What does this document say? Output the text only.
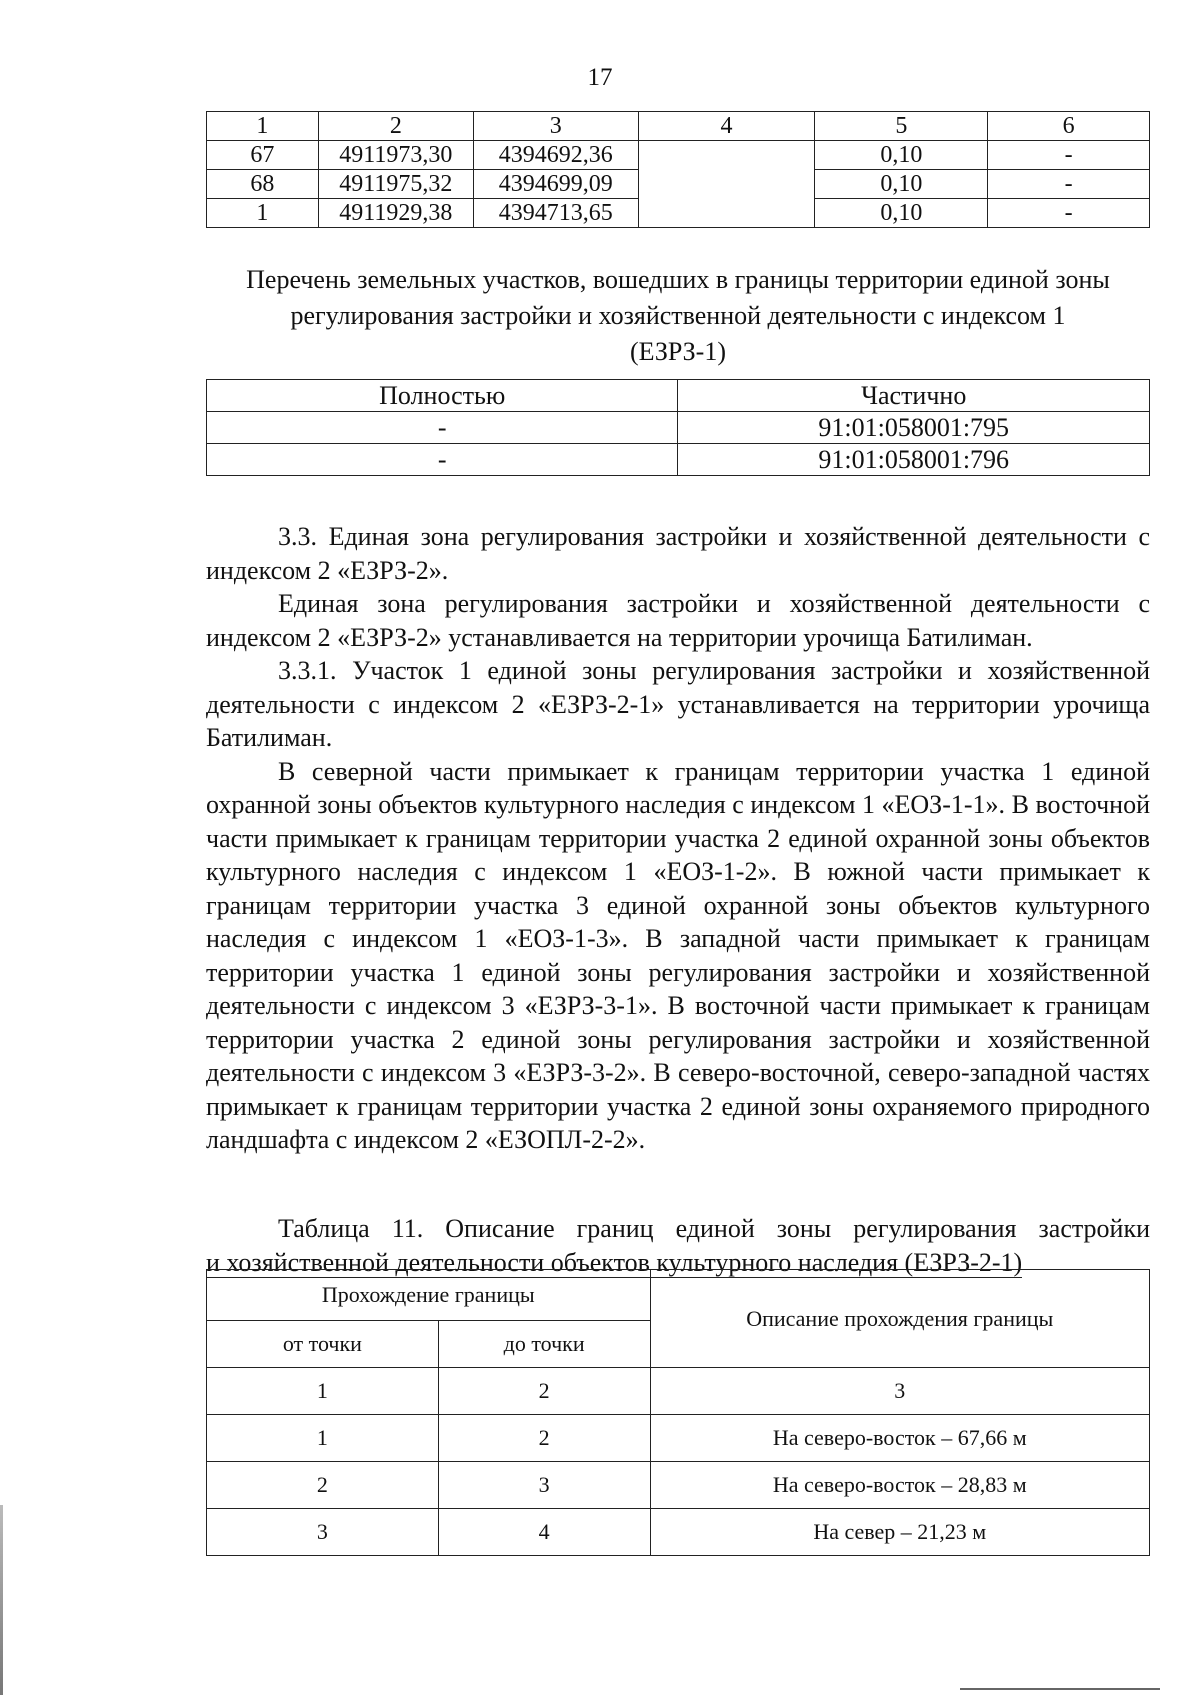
17
1	2	3	4	5	6
67	4911973,30	4394692,36		0,10	-
68	4911975,32	4394699,09		0,10	-
1	4911929,38	4394713,65		0,10	-
Перечень земельных участков, вошедших в границы территории единой зоны
регулирования застройки и хозяйственной деятельности с индексом 1
(ЕЗРЗ-1)
Полностью	Частично
-	91:01:058001:795
-	91:01:058001:796

3.3. Единая зона регулирования застройки и хозяйственной деятельности с индексом 2 «ЕЗРЗ-2».

Единая зона регулирования застройки и хозяйственной деятельности с индексом 2 «ЕЗРЗ-2» устанавливается на территории урочища Батилиман.

3.3.1. Участок 1 единой зоны регулирования застройки и хозяйственной деятельности с индексом 2 «ЕЗРЗ-2-1» устанавливается на территории урочища Батилиман.

В северной части примыкает к границам территории участка 1 единой охранной зоны объектов культурного наследия с индексом 1 «ЕОЗ-1-1». В восточной части примыкает к границам территории участка 2 единой охранной зоны объектов культурного наследия с индексом 1 «ЕОЗ-1-2». В южной части примыкает к границам территории участка 3 единой охранной зоны объектов культурного наследия с индексом 1 «ЕОЗ-1-3». В западной части примыкает к границам территории участка 1 единой зоны регулирования застройки и хозяйственной деятельности с индексом 3 «ЕЗРЗ-3-1». В восточной части примыкает к границам территории участка 2 единой зоны регулирования застройки и хозяйственной деятельности с индексом 3 «ЕЗРЗ-3-2». В северо-восточной, северо-западной частях примыкает к границам территории участка 2 единой зоны охраняемого природного ландшафта с индексом 2 «ЕЗОПЛ-2-2».

Таблица 11. Описание границ единой зоны регулирования застройки
и хозяйственной деятельности объектов культурного наследия (ЕЗРЗ-2-1)
Прохождение границы		Описание прохождения границы
от точки	до точки	
1	2	3
1	2	На северо-восток – 67,66 м
2	3	На северо-восток – 28,83 м
3	4	На север – 21,23 м
